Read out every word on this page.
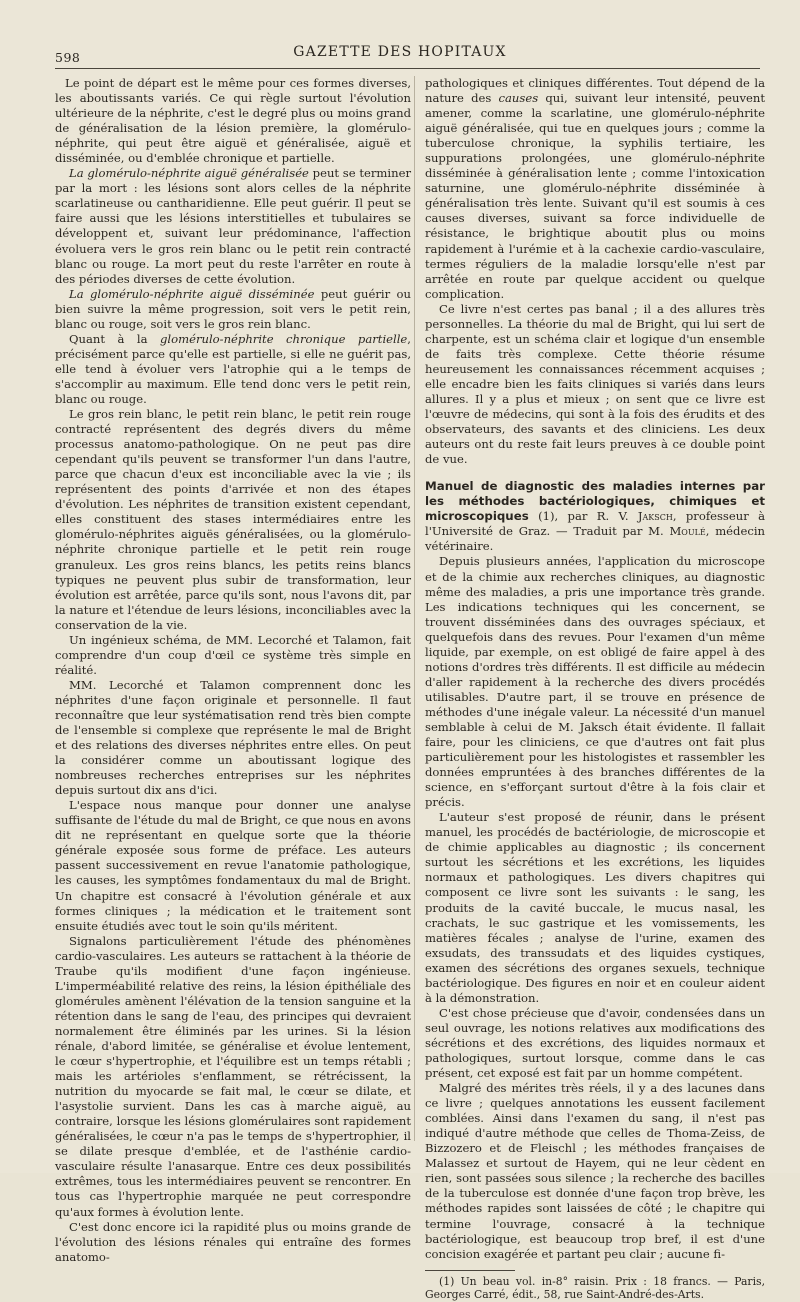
598	GAZETTE DES HOPITAUX

Le point de départ est le même pour ces formes diverses, les aboutissants variés. Ce qui règle surtout l'évolution ultérieure de la néphrite, c'est le degré plus ou moins grand de généralisation de la lésion première, la glomérulo-néphrite, qui peut être aiguë et généralisée, aiguë et disséminée, ou d'emblée chronique et partielle.

La glomérulo-néphrite aiguë généralisée peut se terminer par la mort : les lésions sont alors celles de la néphrite scarlatineuse ou cantharidienne. Elle peut guérir. Il peut se faire aussi que les lésions interstitielles et tubulaires se développent et, suivant leur prédominance, l'affection évoluera vers le gros rein blanc ou le petit rein contracté blanc ou rouge. La mort peut du reste l'arrêter en route à des périodes diverses de cette évolution.

La glomérulo-néphrite aiguë disséminée peut guérir ou bien suivre la même progression, soit vers le petit rein, blanc ou rouge, soit vers le gros rein blanc.

Quant à la glomérulo-néphrite chronique partielle, précisément parce qu'elle est partielle, si elle ne guérit pas, elle tend à évoluer vers l'atrophie qui a le temps de s'accomplir au maximum. Elle tend donc vers le petit rein, blanc ou rouge.

Le gros rein blanc, le petit rein blanc, le petit rein rouge contracté représentent des degrés divers du même processus anatomo-pathologique. On ne peut pas dire cependant qu'ils peuvent se transformer l'un dans l'autre, parce que chacun d'eux est inconciliable avec la vie ; ils représentent des points d'arrivée et non des étapes d'évolution. Les néphrites de transition existent cependant, elles constituent des stases intermédiaires entre les glomérulo-néphrites aiguës généralisées, ou la glomérulo-néphrite chronique partielle et le petit rein rouge granuleux. Les gros reins blancs, les petits reins blancs typiques ne peuvent plus subir de transformation, leur évolution est arrêtée, parce qu'ils sont, nous l'avons dit, par la nature et l'étendue de leurs lésions, inconciliables avec la conservation de la vie.

Un ingénieux schéma, de MM. Lecorché et Talamon, fait comprendre d'un coup d'œil ce système très simple en réalité.

MM. Lecorché et Talamon comprennent donc les néphrites d'une façon originale et personnelle. Il faut reconnaître que leur systématisation rend très bien compte de l'ensemble si complexe que représente le mal de Bright et des relations des diverses néphrites entre elles. On peut la considérer comme un aboutissant logique des nombreuses recherches entreprises sur les néphrites depuis surtout dix ans d'ici.

L'espace nous manque pour donner une analyse suffisante de l'étude du mal de Bright, ce que nous en avons dit ne représentant en quelque sorte que la théorie générale exposée sous forme de préface. Les auteurs passent successivement en revue l'anatomie pathologique, les causes, les symptômes fondamentaux du mal de Bright. Un chapitre est consacré à l'évolution générale et aux formes cliniques ; la médication et le traitement sont ensuite étudiés avec tout le soin qu'ils méritent.

Signalons particulièrement l'étude des phénomènes cardio-vasculaires. Les auteurs se rattachent à la théorie de Traube qu'ils modifient d'une façon ingénieuse. L'imperméabilité relative des reins, la lésion épithéliale des glomérules amènent l'élévation de la tension sanguine et la rétention dans le sang de l'eau, des principes qui devraient normalement être éliminés par les urines. Si la lésion rénale, d'abord limitée, se généralise et évolue lentement, le cœur s'hypertrophie, et l'équilibre est un temps rétabli ; mais les artérioles s'enflamment, se rétrécissent, la nutrition du myocarde se fait mal, le cœur se dilate, et l'asystolie survient. Dans les cas à marche aiguë, au contraire, lorsque les lésions glomérulaires sont rapidement généralisées, le cœur n'a pas le temps de s'hypertrophier, il se dilate presque d'emblée, et de l'asthénie cardio-vasculaire résulte l'anasarque. Entre ces deux possibilités extrêmes, tous les intermédiaires peuvent se rencontrer. En tous cas l'hypertrophie marquée ne peut correspondre qu'aux formes à évolution lente.

C'est donc encore ici la rapidité plus ou moins grande de l'évolution des lésions rénales qui entraîne des formes anatomo-

pathologiques et cliniques différentes. Tout dépend de la nature des causes qui, suivant leur intensité, peuvent amener, comme la scarlatine, une glomérulo-néphrite aiguë généralisée, qui tue en quelques jours ; comme la tuberculose chronique, la syphilis tertiaire, les suppurations prolongées, une glomérulo-néphrite disséminée à généralisation lente ; comme l'intoxication saturnine, une glomérulo-néphrite disséminée à généralisation très lente. Suivant qu'il est soumis à ces causes diverses, suivant sa force individuelle de résistance, le brightique aboutit plus ou moins rapidement à l'urémie et à la cachexie cardio-vasculaire, termes réguliers de la maladie lorsqu'elle n'est par arrêtée en route par quelque accident ou quelque complication.

Ce livre n'est certes pas banal ; il a des allures très personnelles. La théorie du mal de Bright, qui lui sert de charpente, est un schéma clair et logique d'un ensemble de faits très complexe. Cette théorie résume heureusement les connaissances récemment acquises ; elle encadre bien les faits cliniques si variés dans leurs allures. Il y a plus et mieux ; on sent que ce livre est l'œuvre de médecins, qui sont à la fois des érudits et des observateurs, des savants et des cliniciens. Les deux auteurs ont du reste fait leurs preuves à ce double point de vue.

Manuel de diagnostic des maladies internes par les méthodes bactériologiques, chimiques et microscopiques (1), par R. V. Jaksch, professeur à l'Université de Graz. — Traduit par M. Moulé, médecin vétérinaire.

Depuis plusieurs années, l'application du microscope et de la chimie aux recherches cliniques, au diagnostic même des maladies, a pris une importance très grande. Les indications techniques qui les concernent, se trouvent disséminées dans des ouvrages spéciaux, et quelquefois dans des revues. Pour l'examen d'un même liquide, par exemple, on est obligé de faire appel à des notions d'ordres très différents. Il est difficile au médecin d'aller rapidement à la recherche des divers procédés utilisables. D'autre part, il se trouve en présence de méthodes d'une inégale valeur. La nécessité d'un manuel semblable à celui de M. Jaksch était évidente. Il fallait faire, pour les cliniciens, ce que d'autres ont fait plus particulièrement pour les histologistes et rassembler les données empruntées à des branches différentes de la science, en s'efforçant surtout d'être à la fois clair et précis.

L'auteur s'est proposé de réunir, dans le présent manuel, les procédés de bactériologie, de microscopie et de chimie applicables au diagnostic ; ils concernent surtout les sécrétions et les excrétions, les liquides normaux et pathologiques. Les divers chapitres qui composent ce livre sont les suivants : le sang, les produits de la cavité buccale, le mucus nasal, les crachats, le suc gastrique et les vomissements, les matières fécales ; analyse de l'urine, examen des exsudats, des transsudats et des liquides cystiques, examen des sécrétions des organes sexuels, technique bactériologique. Des figures en noir et en couleur aident à la démonstration.

C'est chose précieuse que d'avoir, condensées dans un seul ouvrage, les notions relatives aux modifications des sécrétions et des excrétions, des liquides normaux et pathologiques, surtout lorsque, comme dans le cas présent, cet exposé est fait par un homme compétent.

Malgré des mérites très réels, il y a des lacunes dans ce livre ; quelques annotations les eussent facilement comblées. Ainsi dans l'examen du sang, il n'est pas indiqué d'autre méthode que celles de Thoma-Zeiss, de Bizzozero et de Fleischl ; les méthodes françaises de Malassez et surtout de Hayem, qui ne leur cèdent en rien, sont passées sous silence ; la recherche des bacilles de la tuberculose est donnée d'une façon trop brève, les méthodes rapides sont laissées de côté ; le chapitre qui termine l'ouvrage, consacré à la technique bactériologique, est beaucoup trop bref, il est d'une concision exagérée et partant peu clair ; aucune fi-

(1) Un beau vol. in-8° raisin. Prix : 18 francs. — Paris, Georges Carré, édit., 58, rue Saint-André-des-Arts.
